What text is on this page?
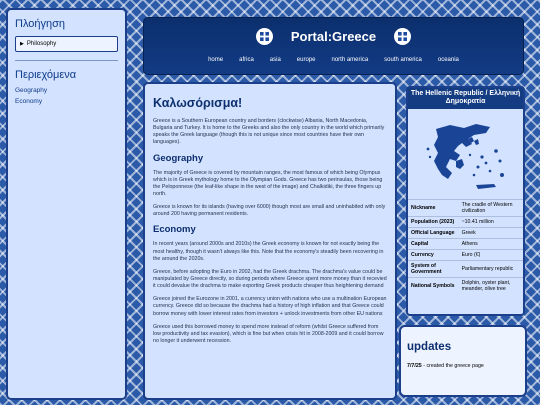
Πλοήγηση
▶ Philosophy
Περιεχόμενα
Geography
Economy
Portal:Greece
home	africa	asia	europe	north america	south america	oceania
Καλωσόρισμα!

Greece is a Southern European country and borders (clockwise) Albania, North Macedonia, Bulgaria and Turkey. It is home to the Greeks and also the only country in the world which primarily speaks the Greek language (though this is not unique since most countries have their own languages).

Geography

The majority of Greece is covered by mountain ranges, the most famous of which being Olympus which is in Greek mythology home to the Olympian Gods. Greece has two perinsulas, those being the Peloponnese (the leaf-like shape in the west of the image) and Chalkidiki, the three fingers up north.

Greece is known for its islands (having over 6000) though most are small and uninhabited with only around 200 having permanent residents.

Economy

In recent years (around 2000s and 2010s) the Greek economy is known for not exactly being the most healthy, though it wasn't always like this. Note that the economy's steadily been recovering in the around the 2020s.

Greece, before adopting the Euro in 2002, had the Greek drachma. The drachma's value could be manipulated by Greece directly, so during periods where Greece spent more money than it recevied it could devalue the drachma to make exporting Greek products cheaper thus heightening demand

Greece joined the Eurozone in 2001, a currency union with nations who use a multination European currency. Greece did so because the drachma had a history of high inflation and that Greece could borrow money with lower interest rates from investors + unlock investments from other EU nations

Greece used this borrowed money to spend more instead of reform (whilst Greece suffered from low productivity and tax evasion), which is fine but when crisis hit in 2008-2009 and it could borrow no longer it underwent recession.

The Hellenic Republic / Ελληνική Δημοκρατία
Nickname	The cradle of Western civilization
Population (2023)	~10.41 million
Official Language	Greek
Capital	Athens
Currency	Euro (€)
System of Government	Parliamentary republic
National Symbols	Dolphin, oyster plant, meander, olive tree
updates

7/7/25 - created the greece page
